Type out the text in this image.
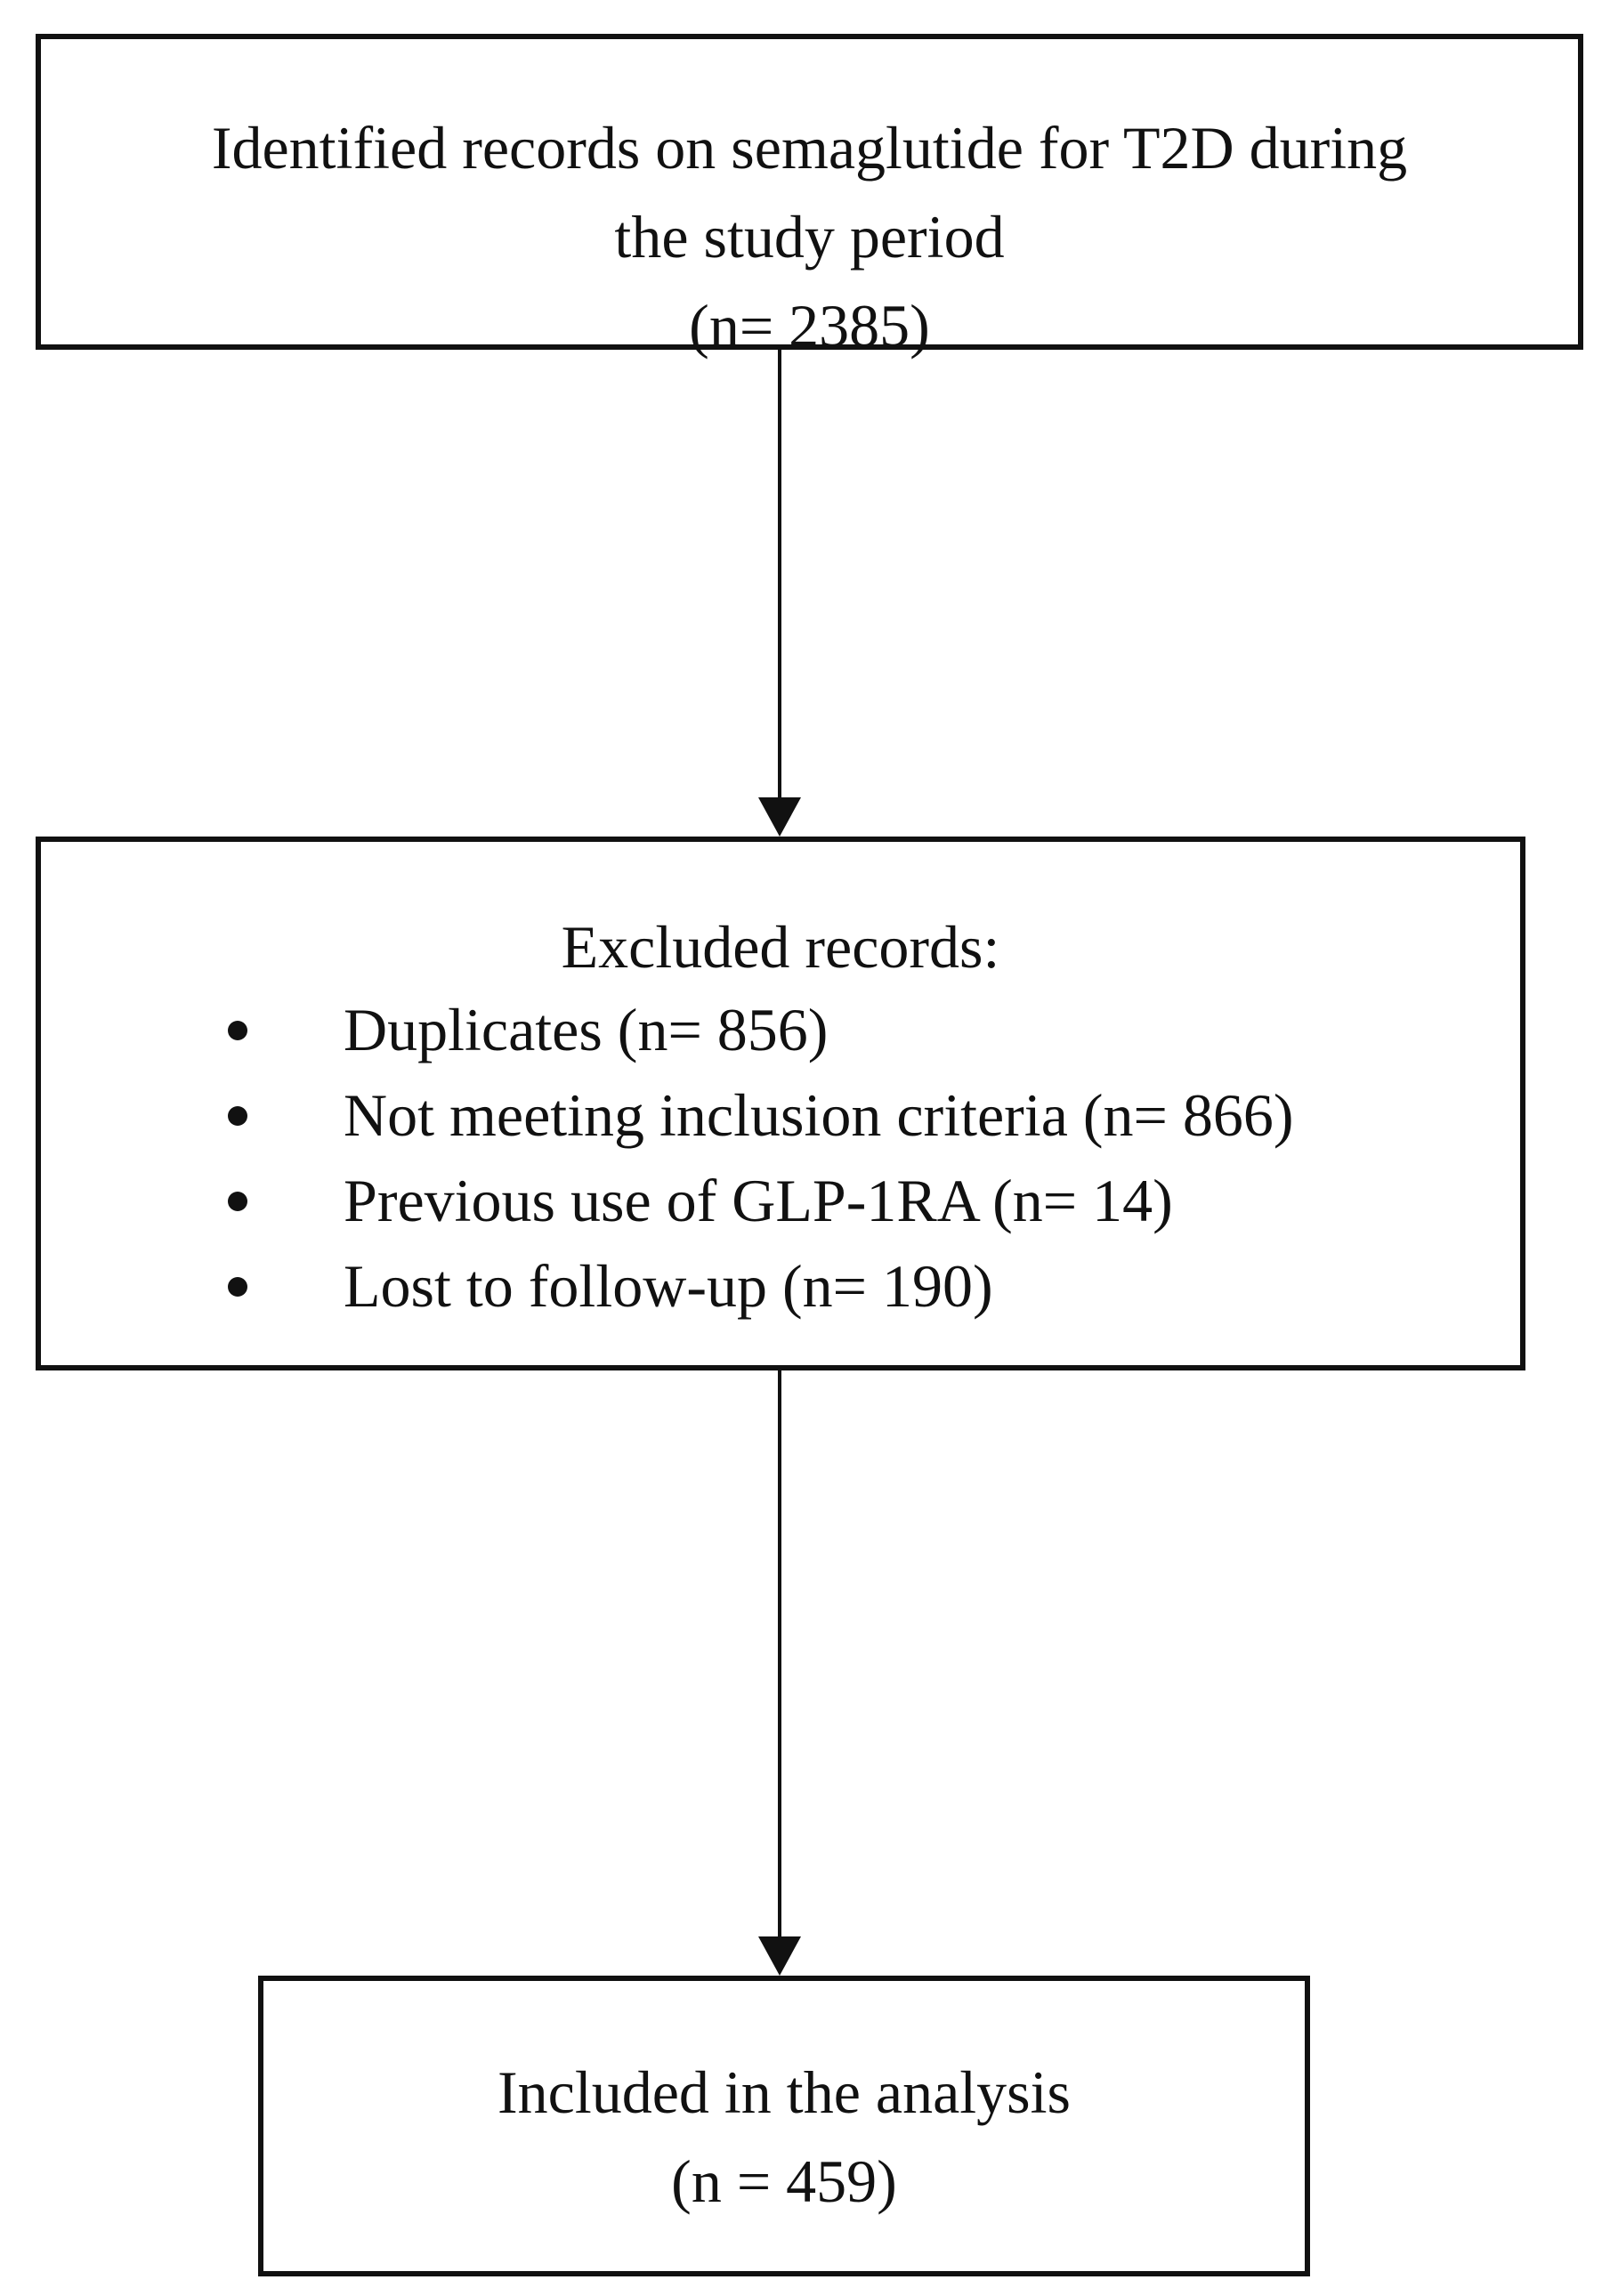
Identified records on semaglutide for T2D during
the study period
(n= 2385)
Excluded records:
Duplicates (n= 856)
Not meeting inclusion criteria (n= 866)
Previous use of GLP-1RA (n= 14)
Lost to follow-up (n= 190)
Included in the analysis
(n = 459)
